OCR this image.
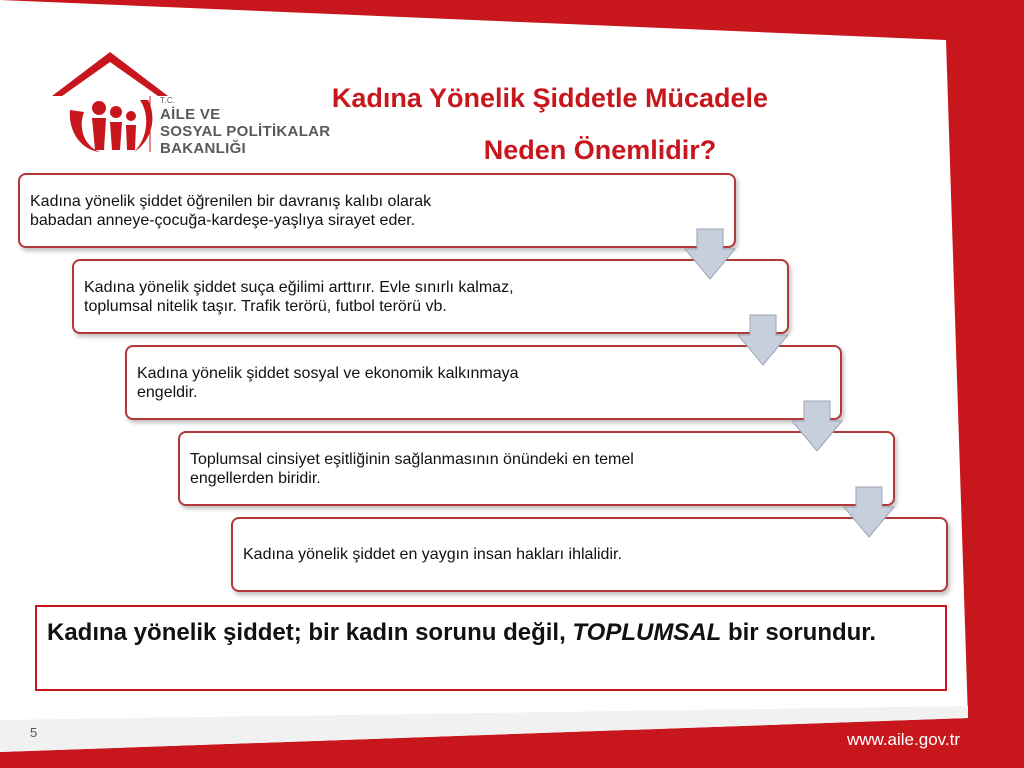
T.C.
AİLE VE
SOSYAL POLİTİKALAR
BAKANLIĞI
Kadına Yönelik Şiddetle Mücadele
Neden Önemlidir?
Kadına yönelik şiddet öğrenilen bir davranış kalıbı olarak
babadan anneye-çocuğa-kardeşe-yaşlıya sirayet eder.
Kadına yönelik şiddet suça eğilimi arttırır. Evle sınırlı kalmaz,
toplumsal nitelik taşır. Trafik terörü, futbol terörü vb.
Kadına yönelik şiddet sosyal ve ekonomik kalkınmaya
engeldir.
Toplumsal cinsiyet eşitliğinin sağlanmasının önündeki en temel
engellerden biridir.
Kadına yönelik şiddet en yaygın insan hakları ihlalidir.
Kadına yönelik şiddet; bir kadın sorunu değil, TOPLUMSAL bir sorundur.
5	www.aile.gov.tr
